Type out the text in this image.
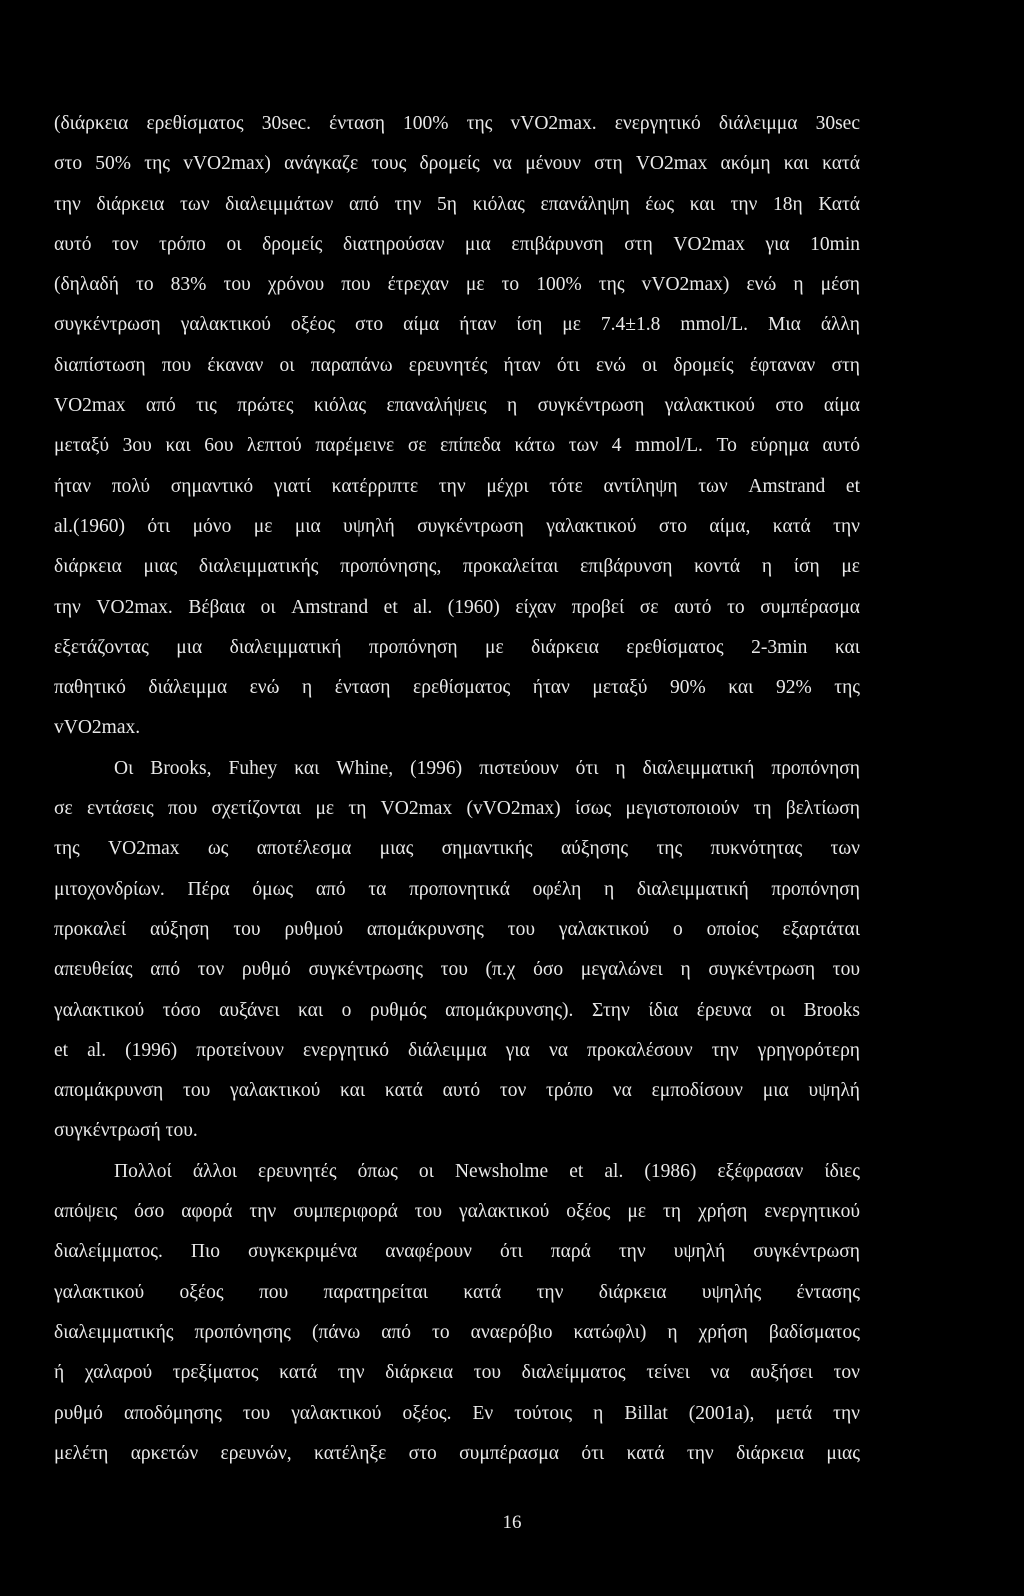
(διάρκεια ερεθίσματος 30sec. ένταση 100% της vVO2max. ενεργητικό διάλειμμα 30sec
στο 50% της vVO2max) ανάγκαζε τους δρομείς να μένουν στη VO2max ακόμη και κατά
την διάρκεια των διαλειμμάτων από την 5η κιόλας επανάληψη έως και την 18η Κατά
αυτό τον τρόπο οι δρομείς διατηρούσαν μια επιβάρυνση στη VO2max για 10min
(δηλαδή το 83% του χρόνου που έτρεχαν με το 100% της vVO2max) ενώ η μέση
συγκέντρωση γαλακτικού οξέος στο αίμα ήταν ίση με 7.4±1.8 mmol/L. Μια άλλη
διαπίστωση που έκαναν οι παραπάνω ερευνητές ήταν ότι ενώ οι δρομείς έφταναν στη
VO2max από τις πρώτες κιόλας επαναλήψεις η συγκέντρωση γαλακτικού στο αίμα
μεταξύ 3ου και 6ου λεπτού παρέμεινε σε επίπεδα κάτω των 4 mmol/L. Το εύρημα αυτό
ήταν πολύ σημαντικό γιατί κατέρριπτε την μέχρι τότε αντίληψη των Amstrand et
al.(1960) ότι μόνο με μια υψηλή συγκέντρωση γαλακτικού στο αίμα, κατά την
διάρκεια μιας διαλειμματικής προπόνησης, προκαλείται επιβάρυνση κοντά η ίση με
την VO2max. Βέβαια οι Amstrand et al. (1960) είχαν προβεί σε αυτό το συμπέρασμα
εξετάζοντας μια διαλειμματική προπόνηση με διάρκεια ερεθίσματος 2-3min και
παθητικό διάλειμμα ενώ η ένταση ερεθίσματος ήταν μεταξύ 90% και 92% της
vVO2max.
Οι Brooks, Fuhey και Whine, (1996) πιστεύουν ότι η διαλειμματική προπόνηση
σε εντάσεις που σχετίζονται με τη VO2max (vVO2max) ίσως μεγιστοποιούν τη βελτίωση
της VO2max ως αποτέλεσμα μιας σημαντικής αύξησης της πυκνότητας των
μιτοχονδρίων. Πέρα όμως από τα προπονητικά οφέλη η διαλειμματική προπόνηση
προκαλεί αύξηση του ρυθμού απομάκρυνσης του γαλακτικού ο οποίος εξαρτάται
απευθείας από τον ρυθμό συγκέντρωσης του (π.χ όσο μεγαλώνει η συγκέντρωση του
γαλακτικού τόσο αυξάνει και ο ρυθμός απομάκρυνσης). Στην ίδια έρευνα οι Brooks
et al. (1996) προτείνουν ενεργητικό διάλειμμα για να προκαλέσουν την γρηγορότερη
απομάκρυνση του γαλακτικού και κατά αυτό τον τρόπο να εμποδίσουν μια υψηλή
συγκέντρωσή του.
Πολλοί άλλοι ερευνητές όπως οι Newsholme et al. (1986) εξέφρασαν ίδιες
απόψεις όσο αφορά την συμπεριφορά του γαλακτικού οξέος με τη χρήση ενεργητικού
διαλείμματος. Πιο συγκεκριμένα αναφέρουν ότι παρά την υψηλή συγκέντρωση
γαλακτικού οξέος που παρατηρείται κατά την διάρκεια υψηλής έντασης
διαλειμματικής προπόνησης (πάνω από το αναερόβιο κατώφλι) η χρήση βαδίσματος
ή χαλαρού τρεξίματος κατά την διάρκεια του διαλείμματος τείνει να αυξήσει τον
ρυθμό αποδόμησης του γαλακτικού οξέος. Εν τούτοις η Billat (2001a), μετά την
μελέτη αρκετών ερευνών, κατέληξε στο συμπέρασμα ότι κατά την διάρκεια μιας
16
